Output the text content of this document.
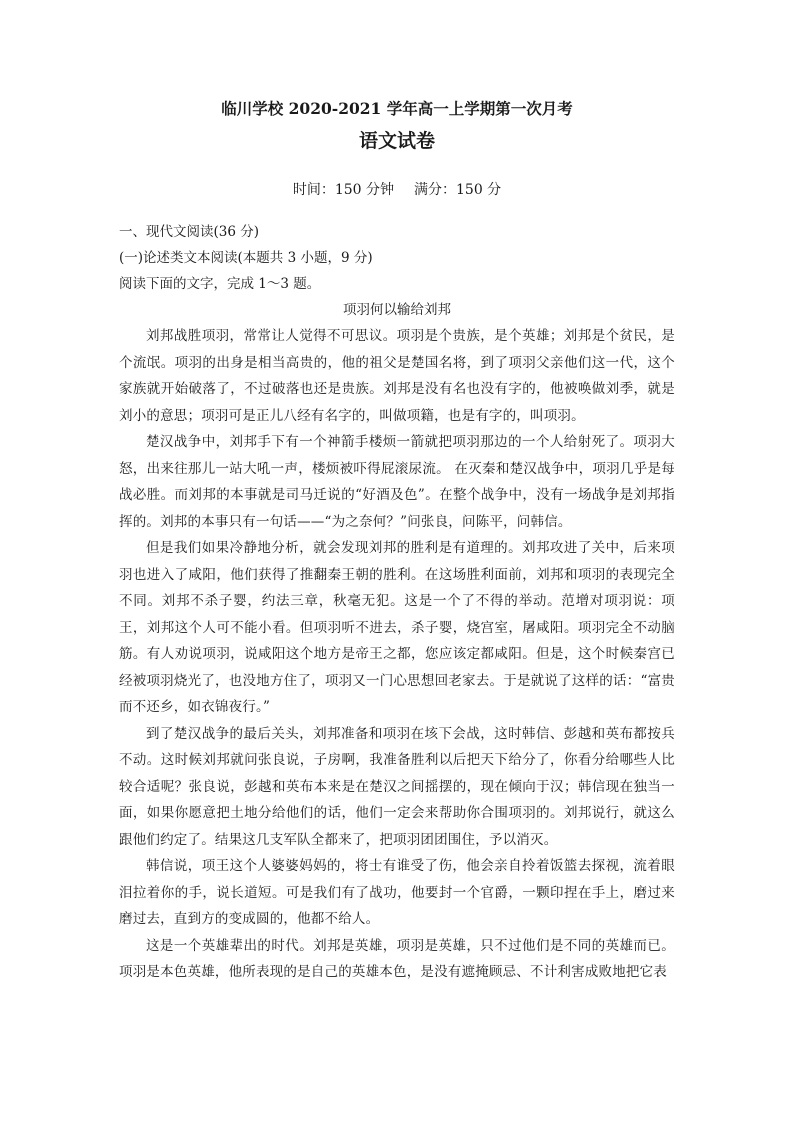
临川学校 2020-2021 学年高一上学期第一次月考
语文试卷
时间：150 分钟 满分：150 分
一、现代文阅读(36 分)
(一)论述类文本阅读(本题共 3 小题，9 分)
阅读下面的文字，完成 1～3 题。
项羽何以输给刘邦

刘邦战胜项羽，常常让人觉得不可思议。项羽是个贵族，是个英雄；刘邦是个贫民，是个流氓。项羽的出身是相当高贵的，他的祖父是楚国名将，到了项羽父亲他们这一代，这个家族就开始破落了，不过破落也还是贵族。刘邦是没有名也没有字的，他被唤做刘季，就是刘小的意思；项羽可是正儿八经有名字的，叫做项籍，也是有字的，叫项羽。

楚汉战争中，刘邦手下有一个神箭手楼烦一箭就把项羽那边的一个人给射死了。项羽大怒，出来往那儿一站大吼一声，楼烦被吓得屁滚尿流。 在灭秦和楚汉战争中，项羽几乎是每战必胜。而刘邦的本事就是司马迁说的“好酒及色”。在整个战争中，没有一场战争是刘邦指挥的。刘邦的本事只有一句话——“为之奈何？”问张良，问陈平，问韩信。

但是我们如果冷静地分析，就会发现刘邦的胜利是有道理的。刘邦攻进了关中，后来项羽也进入了咸阳，他们获得了推翻秦王朝的胜利。在这场胜利面前，刘邦和项羽的表现完全不同。刘邦不杀子婴，约法三章，秋毫无犯。这是一个了不得的举动。范增对项羽说：项王，刘邦这个人可不能小看。但项羽听不进去，杀子婴，烧宫室，屠咸阳。项羽完全不动脑筋。有人劝说项羽，说咸阳这个地方是帝王之都，您应该定都咸阳。但是，这个时候秦宫已经被项羽烧光了，也没地方住了，项羽又一门心思想回老家去。于是就说了这样的话：“富贵而不还乡，如衣锦夜行。”

到了楚汉战争的最后关头，刘邦准备和项羽在垓下会战，这时韩信、彭越和英布都按兵不动。这时候刘邦就问张良说，子房啊，我准备胜利以后把天下给分了，你看分给哪些人比较合适呢？张良说，彭越和英布本来是在楚汉之间摇摆的，现在倾向于汉；韩信现在独当一面，如果你愿意把土地分给他们的话，他们一定会来帮助你合围项羽的。刘邦说行，就这么跟他们约定了。结果这几支军队全都来了，把项羽团团围住，予以消灭。

韩信说，项王这个人婆婆妈妈的，将士有谁受了伤，他会亲自拎着饭篮去探视，流着眼泪拉着你的手，说长道短。可是我们有了战功，他要封一个官爵，一颗印捏在手上，磨过来磨过去，直到方的变成圆的，他都不给人。

这是一个英雄辈出的时代。刘邦是英雄，项羽是英雄，只不过他们是不同的英雄而已。项羽是本色英雄，他所表现的是自己的英雄本色，是没有遮掩顾忌、不计利害成败地把它表
